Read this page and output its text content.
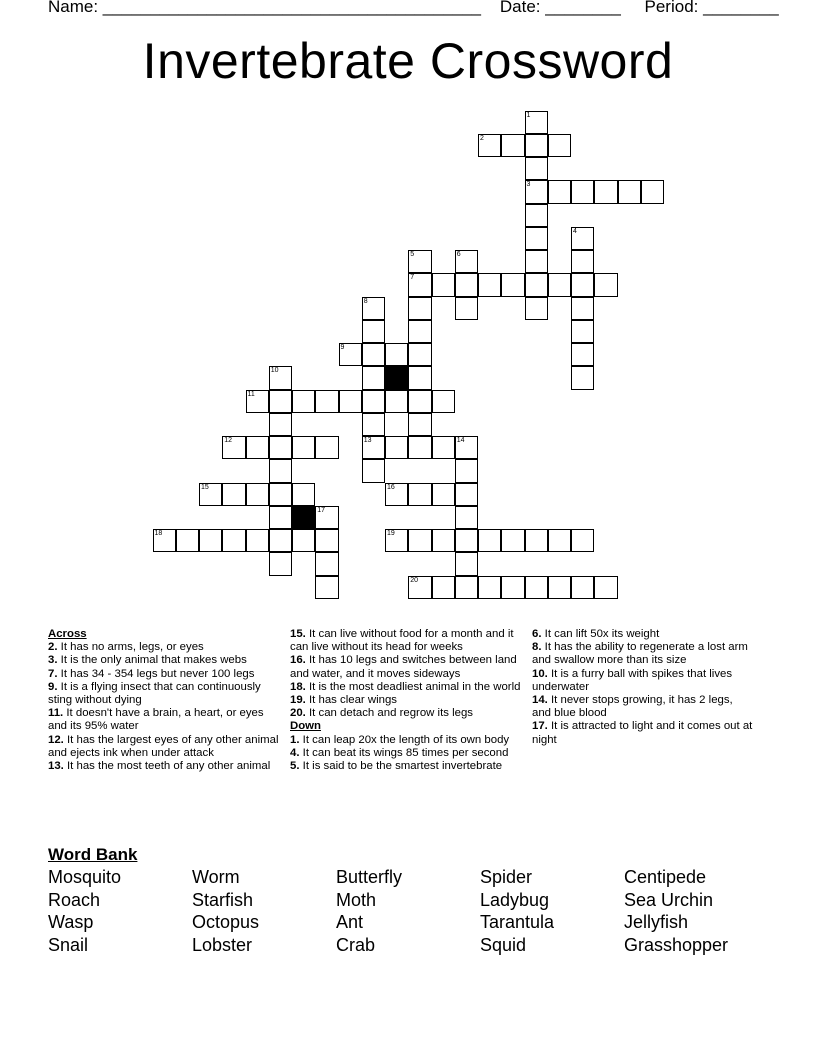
Name: ________________________________________ Date: ________ Period: ________
Invertebrate Crossword
1
3
2
4
5	6
7
8
13
9
10
11
12	14
15	16
17
18	19
20
Across
2. It has no arms, legs, or eyes
3. It is the only animal that makes webs
7. It has 34 - 354 legs but never 100 legs
9. It is a flying insect that can continuously sting without dying
11. It doesn't have a brain, a heart, or eyes and its 95% water
12. It has the largest eyes of any other animal and ejects ink when under attack
13. It has the most teeth of any other animal
15. It can live without food for a month and it can live without its head for weeks
16. It has 10 legs and switches between land and water, and it moves sideways
18. It is the most deadliest animal in the world
19. It has clear wings
20. It can detach and regrow its legs
Down
1. It can leap 20x the length of its own body
4. It can beat its wings 85 times per second
5. It is said to be the smartest invertebrate
6. It can lift 50x its weight
8. It has the ability to regenerate a lost arm and swallow more than its size
10. It is a furry ball with spikes that lives underwater
14. It never stops growing, it has 2 legs, and blue blood
17. It is attracted to light and it comes out at night
Word Bank
Mosquito	Worm	Butterfly	Spider	Centipede
Roach	Starfish	Moth	Ladybug	Sea Urchin
Wasp	Octopus	Ant	Tarantula	Jellyfish
Snail	Lobster	Crab	Squid	Grasshopper
